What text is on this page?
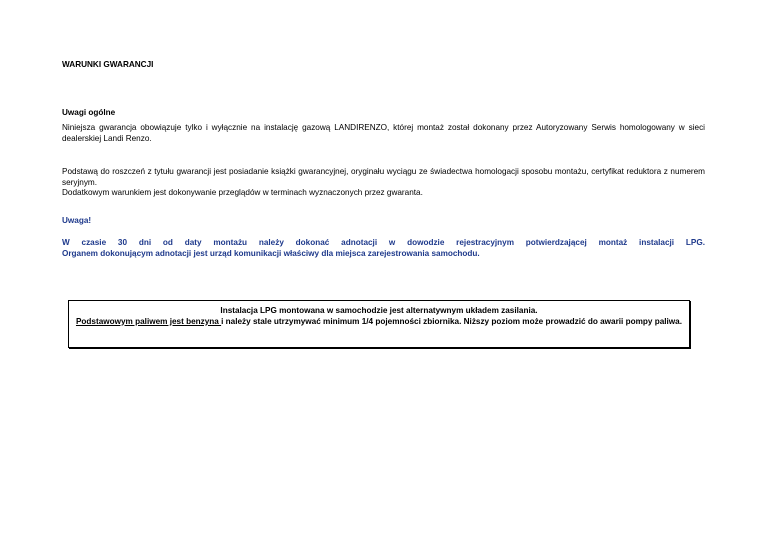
WARUNKI GWARANCJI

Uwagi ogólne

Niniejsza gwarancja obowiązuje tylko i wyłącznie na instalację gazową LANDIRENZO, której montaż został dokonany przez Autoryzowany Serwis homologowany w sieci dealerskiej Landi Renzo.

Podstawą do roszczeń z tytułu gwarancji jest posiadanie książki gwarancyjnej, oryginału wyciągu ze świadectwa homologacji sposobu montażu, certyfikat reduktora z numerem seryjnym.

Dodatkowym warunkiem jest dokonywanie przeglądów w terminach wyznaczonych przez gwaranta.

Uwaga!

W czasie 30 dni od daty montażu należy dokonać adnotacji w dowodzie rejestracyjnym potwierdzającej montaż instalacji LPG.
Organem dokonującym adnotacji jest urząd komunikacji właściwy dla miejsca zarejestrowania samochodu.

Instalacja LPG montowana w samochodzie jest alternatywnym układem zasilania.

Podstawowym paliwem jest benzyna i należy stale utrzymywać minimum 1/4 pojemności zbiornika. Niższy poziom może prowadzić do awarii pompy paliwa.
